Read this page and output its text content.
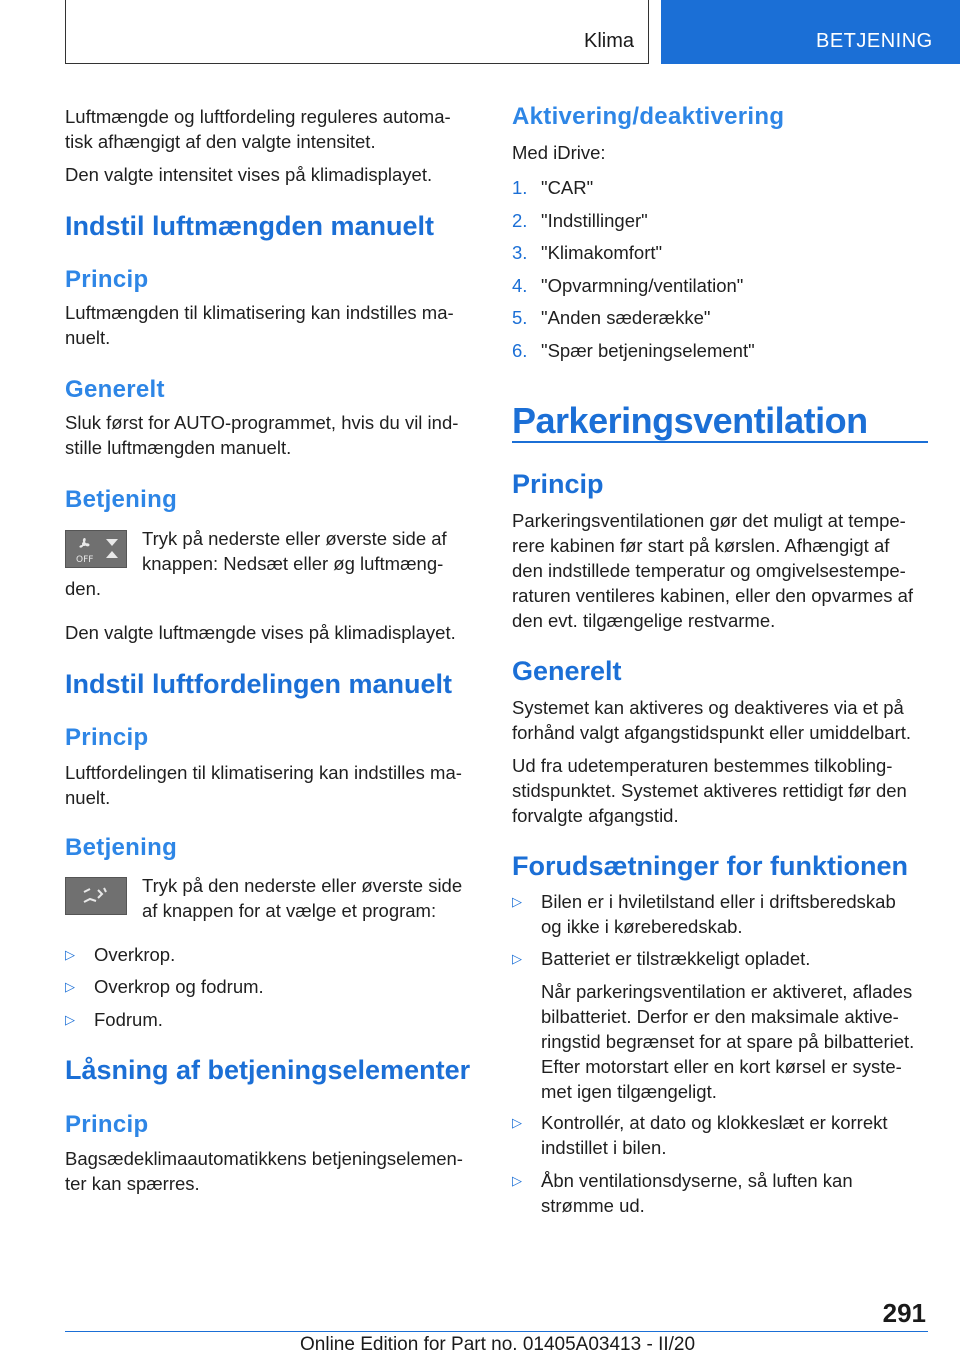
Klima	BETJENING

Luftmængde og luftfordeling reguleres automa-

tisk afhængigt af den valgte intensitet.

Den valgte intensitet vises på klimadisplayet.

Indstil luftmængden manuelt
Princip

Luftmængden til klimatisering kan indstilles ma-

nuelt.

Generelt

Sluk først for AUTO-programmet, hvis du vil ind-

stille luftmængden manuelt.

Betjening
OFF

Tryk på nederste eller øverste side af

knappen: Nedsæt eller øg luftmæng-

den.

Den valgte luftmængde vises på klimadisplayet.

Indstil luftfordelingen manuelt
Princip

Luftfordelingen til klimatisering kan indstilles ma-

nuelt.

Betjening

Tryk på den nederste eller øverste side

af knappen for at vælge et program:

▷ Overkrop.

▷ Overkrop og fodrum.

▷ Fodrum.

Låsning af betjeningselementer
Princip

Bagsædeklimaautomatikkens betjeningselemen-

ter kan spærres.

Aktivering/deaktivering

Med iDrive:

1. "CAR"
2. "Indstillinger"
3. "Klimakomfort"
4. "Opvarmning/ventilation"
5. "Anden sæderække"
6. "Spær betjeningselement"
Parkeringsventilation
Princip

Parkeringsventilationen gør det muligt at tempe-

rere kabinen før start på kørslen. Afhængigt af

den indstillede temperatur og omgivelsestempe-

raturen ventileres kabinen, eller den opvarmes af

den evt. tilgængelige restvarme.

Generelt

Systemet kan aktiveres og deaktiveres via et på

forhånd valgt afgangstidspunkt eller umiddelbart.

Ud fra udetemperaturen bestemmes tilkobling-

stidspunktet. Systemet aktiveres rettidigt før den

forvalgte afgangstid.

Forudsætninger for funktionen
▷ Bilen er i hviletilstand eller i driftsberedskab

og ikke i køreberedskab.

▷ Batteriet er tilstrækkeligt opladet.

Når parkeringsventilation er aktiveret, aflades

bilbatteriet. Derfor er den maksimale aktive-

ringstid begrænset for at spare på bilbatteriet.

Efter motorstart eller en kort kørsel er syste-

met igen tilgængeligt.

▷ Kontrollér, at dato og klokkeslæt er korrekt

indstillet i bilen.

▷ Åbn ventilationsdyserne, så luften kan

strømme ud.

291
Online Edition for Part no. 01405A03413 - II/20
